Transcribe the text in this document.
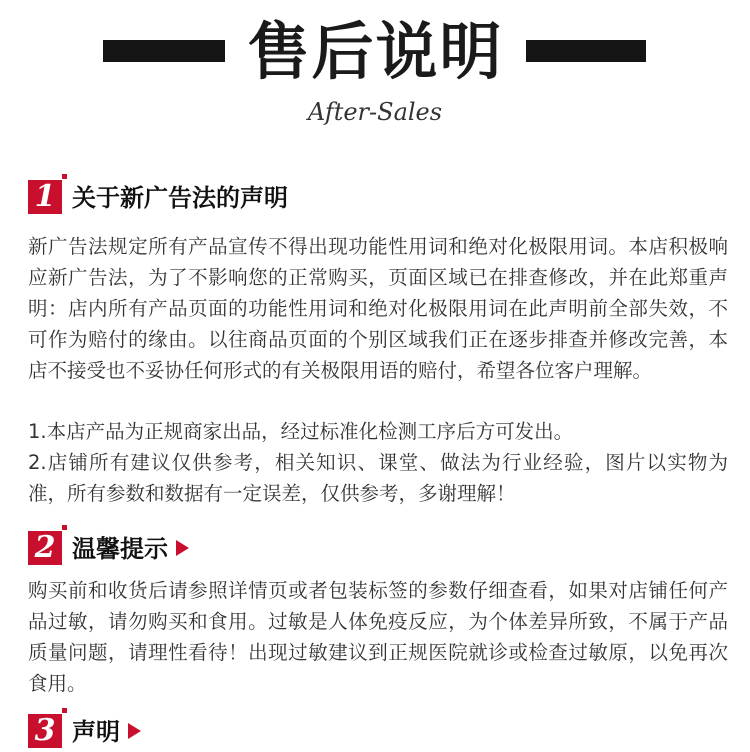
售后说明
After-Sales
1 关于新广告法的声明

新广告法规定所有产品宣传不得出现功能性用词和绝对化极限用词。本店积极响应新广告法，为了不影响您的正常购买，页面区域已在排查修改，并在此郑重声明：店内所有产品页面的功能性用词和绝对化极限用词在此声明前全部失效，不可作为赔付的缘由。以往商品页面的个别区域我们正在逐步排查并修改完善，本店不接受也不妥协任何形式的有关极限用语的赔付，希望各位客户理解。

1.本店产品为正规商家出品，经过标准化检测工序后方可发出。

2.店铺所有建议仅供参考，相关知识、课堂、做法为行业经验，图片以实物为准，所有参数和数据有一定误差，仅供参考，多谢理解！

2 温馨提示

购买前和收货后请参照详情页或者包装标签的参数仔细查看，如果对店铺任何产品过敏，请勿购买和食用。过敏是人体免疫反应，为个体差异所致，不属于产品质量问题，请理性看待！出现过敏建议到正规医院就诊或检查过敏原，以免再次食用。

3 声明
